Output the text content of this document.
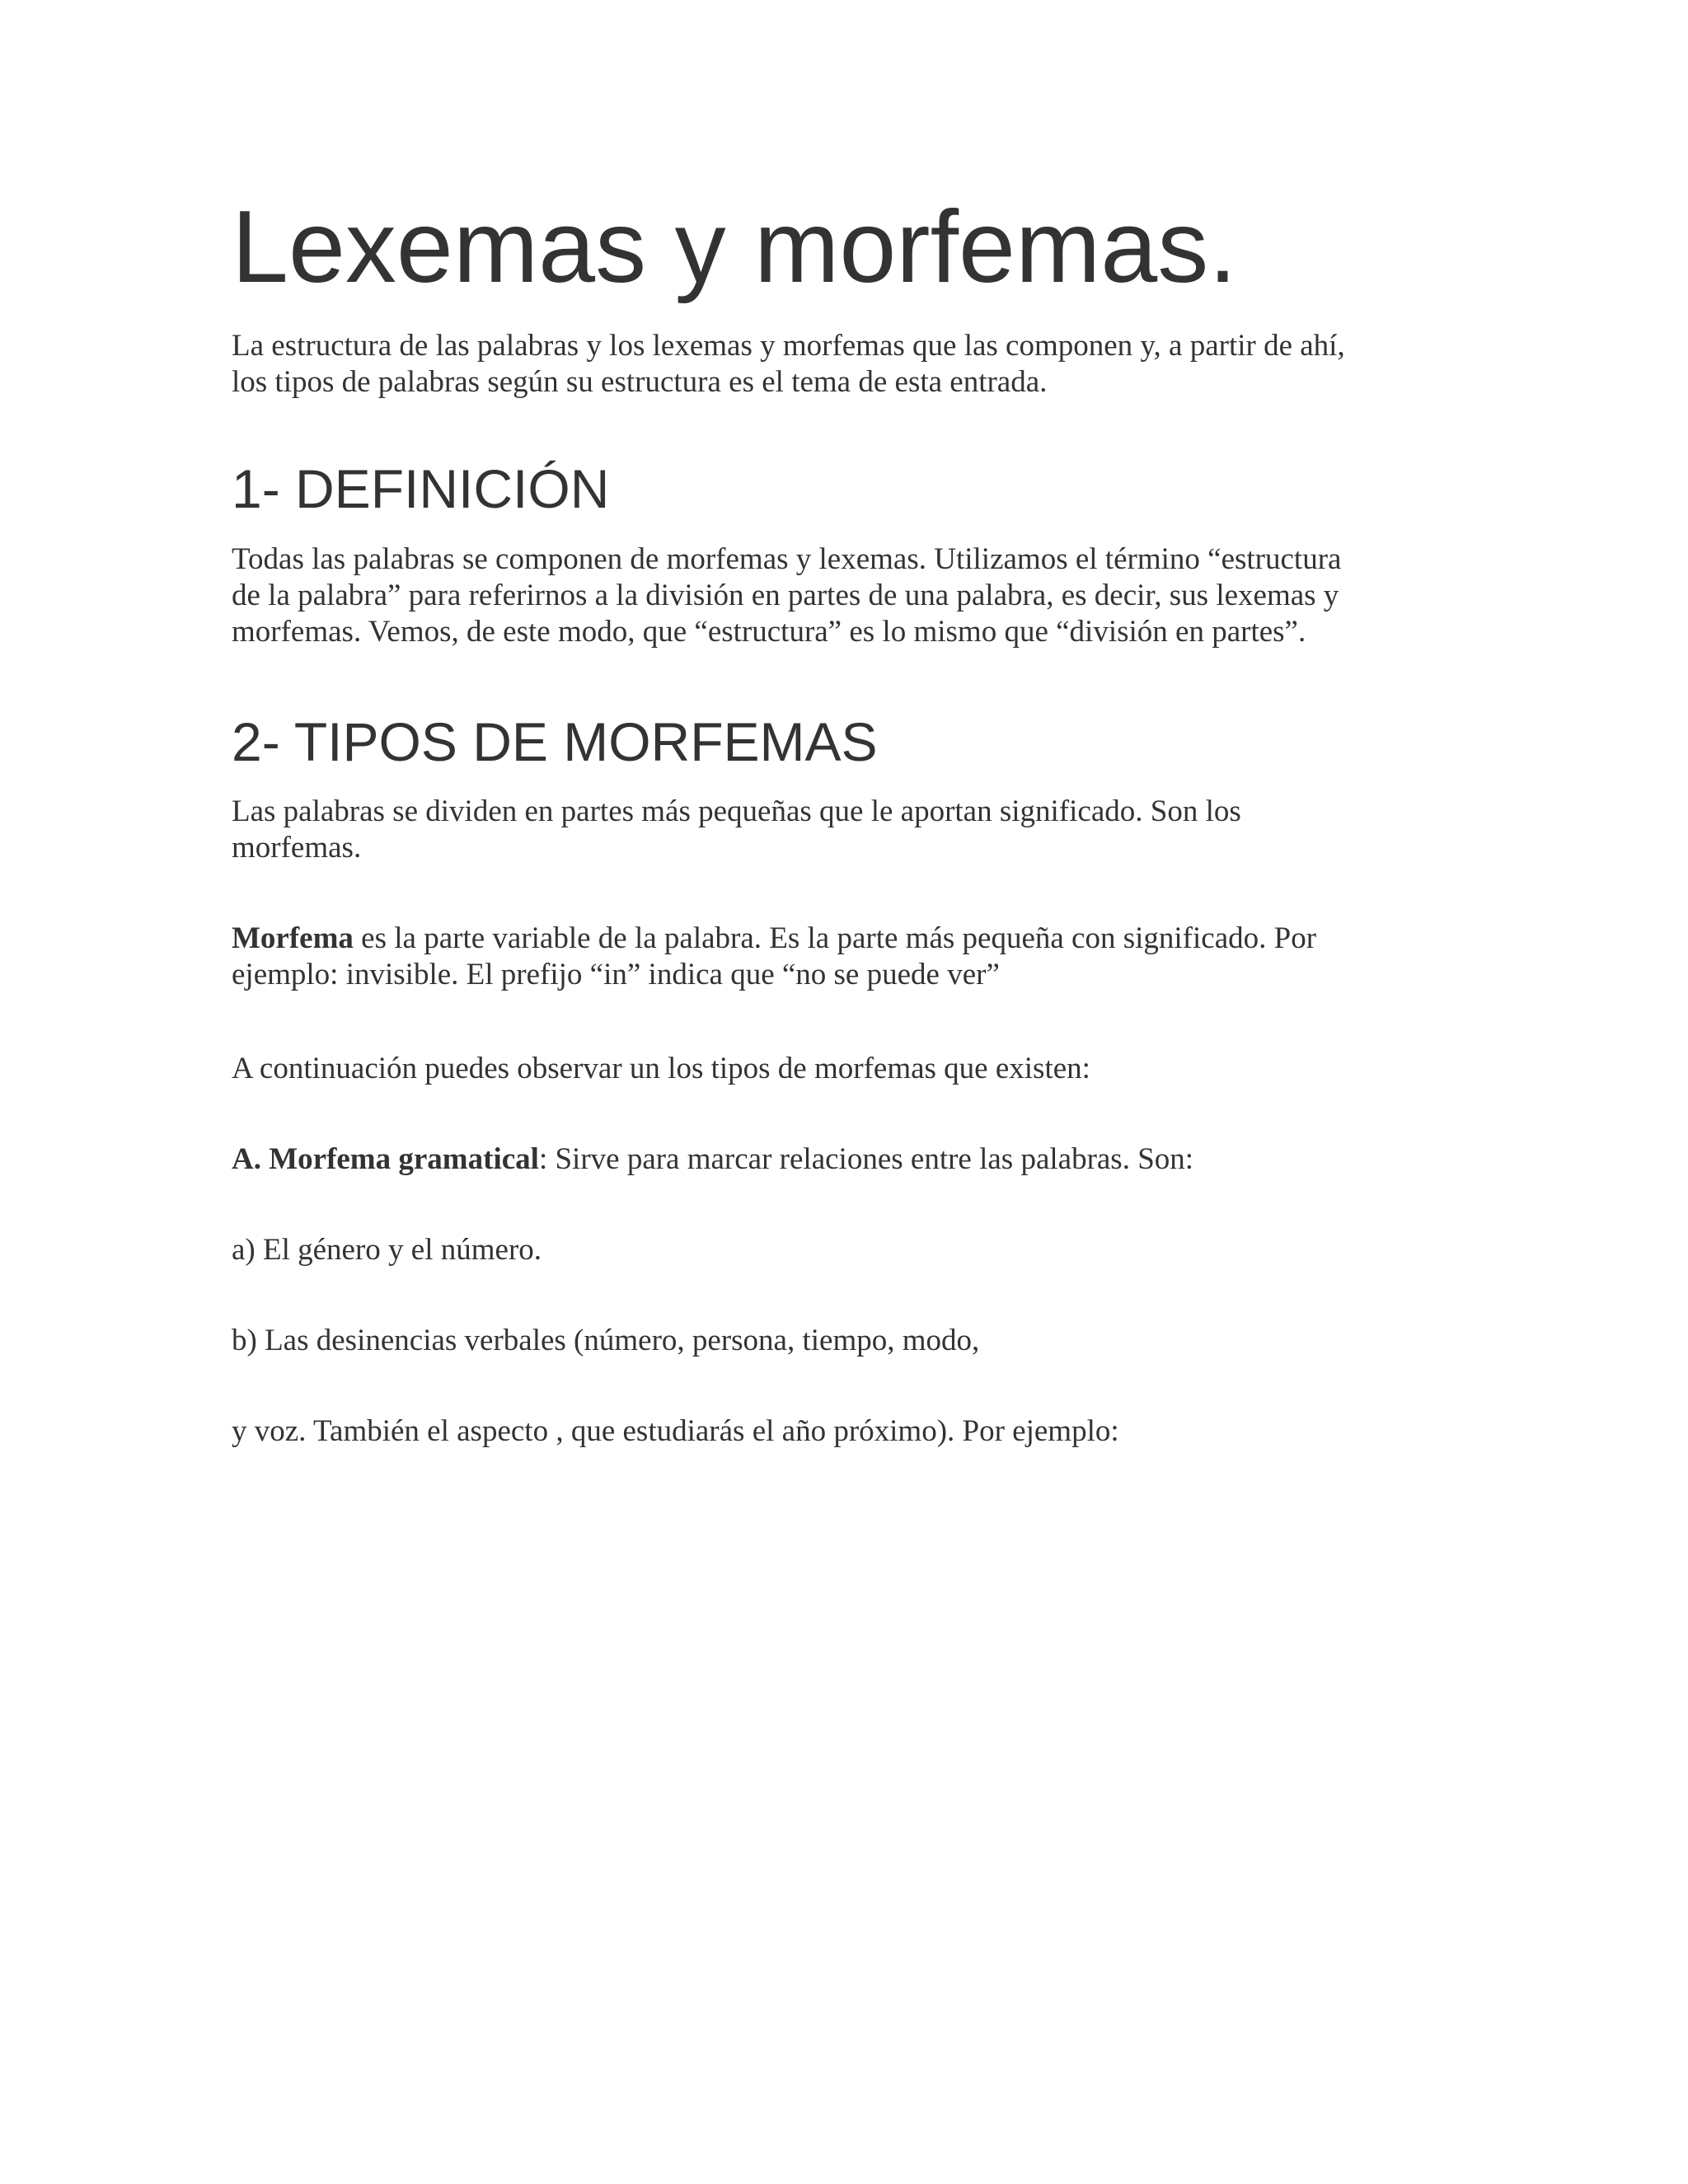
Lexemas y morfemas.

La estructura de las palabras y los lexemas y morfemas que las componen y, a partir de ahí,
los tipos de palabras según su estructura es el tema de esta entrada.

1- DEFINICIÓN

Todas las palabras se componen de morfemas y lexemas. Utilizamos el término “estructura
de la palabra” para referirnos a la división en partes de una palabra, es decir, sus lexemas y
morfemas. Vemos, de este modo, que “estructura” es lo mismo que “división en partes”.

2- TIPOS DE MORFEMAS

Las palabras se dividen en partes más pequeñas que le aportan significado. Son los
morfemas.

Morfema es la parte variable de la palabra. Es la parte más pequeña con significado. Por
ejemplo: invisible. El prefijo “in” indica que “no se puede ver”

A continuación puedes observar un los tipos de morfemas que existen:

A. Morfema gramatical: Sirve para marcar relaciones entre las palabras. Son:

a) El género y el número.

b) Las desinencias verbales (número, persona, tiempo, modo,

y voz. También el aspecto , que estudiarás el año próximo). Por ejemplo:
